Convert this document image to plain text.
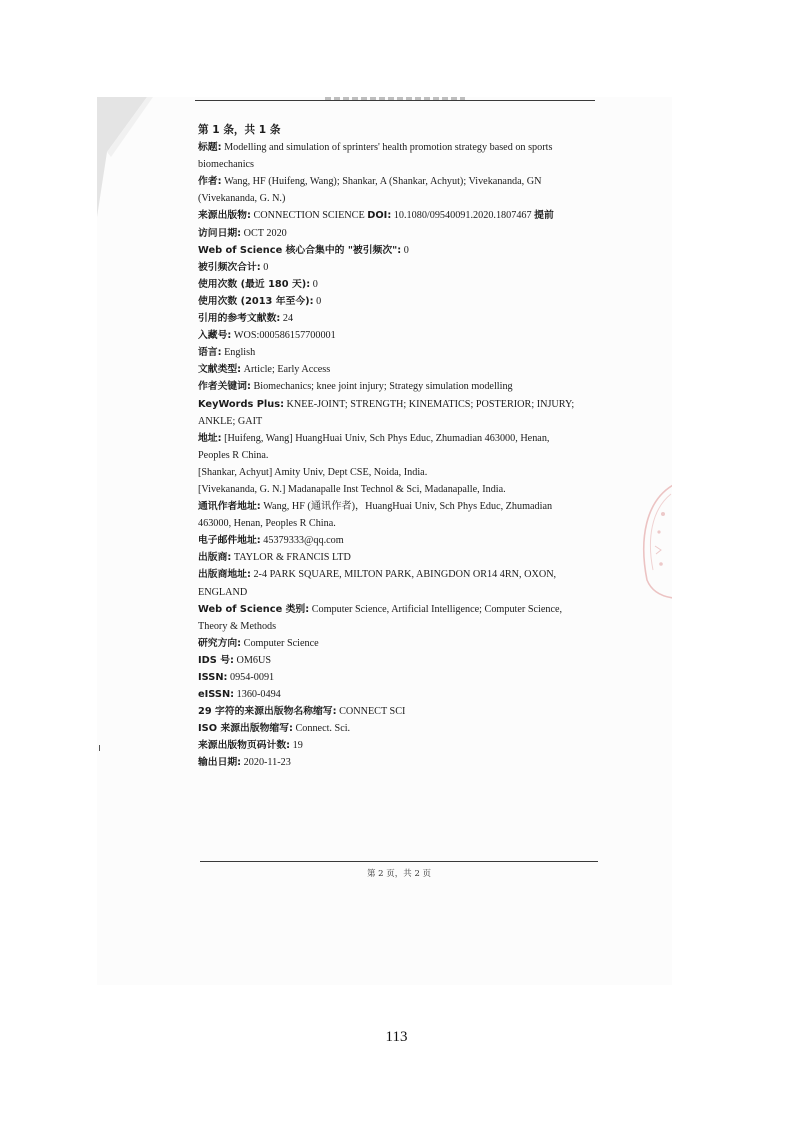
第 1 条，共 1 条

标题: Modelling and simulation of sprinters' health promotion strategy based on sports

biomechanics

作者: Wang, HF (Huifeng, Wang); Shankar, A (Shankar, Achyut); Vivekananda, GN

(Vivekananda, G. N.)

来源出版物: CONNECTION SCIENCE DOI: 10.1080/09540091.2020.1807467 提前

访问日期: OCT 2020

Web of Science 核心合集中的 "被引频次": 0

被引频次合计: 0

使用次数 (最近 180 天): 0

使用次数 (2013 年至今): 0

引用的参考文献数: 24

入藏号: WOS:000586157700001

语言: English

文献类型: Article; Early Access

作者关键词: Biomechanics; knee joint injury; Strategy simulation modelling

KeyWords Plus: KNEE-JOINT; STRENGTH; KINEMATICS; POSTERIOR; INJURY;

ANKLE; GAIT

地址: [Huifeng, Wang] HuangHuai Univ, Sch Phys Educ, Zhumadian 463000, Henan,

Peoples R China.

[Shankar, Achyut] Amity Univ, Dept CSE, Noida, India.

[Vivekananda, G. N.] Madanapalle Inst Technol & Sci, Madanapalle, India.

通讯作者地址: Wang, HF (通讯作者)，HuangHuai Univ, Sch Phys Educ, Zhumadian

463000, Henan, Peoples R China.

电子邮件地址: 45379333@qq.com

出版商: TAYLOR & FRANCIS LTD

出版商地址: 2-4 PARK SQUARE, MILTON PARK, ABINGDON OR14 4RN, OXON,

ENGLAND

Web of Science 类别: Computer Science, Artificial Intelligence; Computer Science,

Theory & Methods

研究方向: Computer Science

IDS 号: OM6US

ISSN: 0954-0091

eISSN: 1360-0494

29 字符的来源出版物名称缩写: CONNECT SCI

ISO 来源出版物缩写: Connect. Sci.

来源出版物页码计数: 19

输出日期: 2020-11-23

第 2 页，共 2 页
113
